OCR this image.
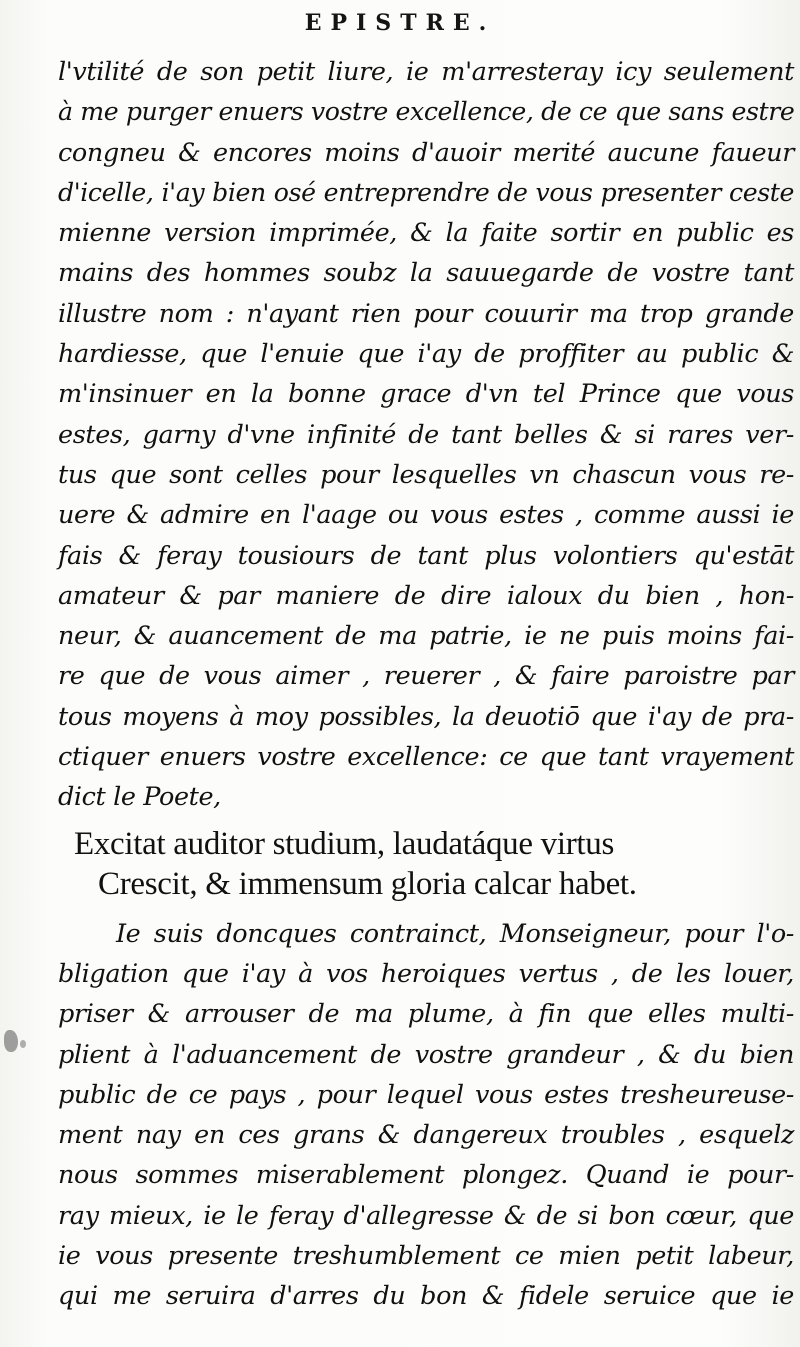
EPISTRE.
l'vtilité de son petit liure, ie m'arresteray icy seulement
à me purger enuers vostre excellence, de ce que sans estre
congneu & encores moins d'auoir merité aucune faueur
d'icelle, i'ay bien osé entreprendre de vous presenter ceste
mienne version imprimée, & la faite sortir en public es
mains des hommes soubz la sauuegarde de vostre tant
illustre nom : n'ayant rien pour couurir ma trop grande
hardiesse, que l'enuie que i'ay de proffiter au public &
m'insinuer en la bonne grace d'vn tel Prince que vous
estes, garny d'vne infinité de tant belles & si rares ver-
tus que sont celles pour lesquelles vn chascun vous re-
uere & admire en l'aage ou vous estes , comme aussi ie
fais & feray tousiours de tant plus volontiers qu'estāt
amateur & par maniere de dire ialoux du bien , hon-
neur, & auancement de ma patrie, ie ne puis moins fai-
re que de vous aimer , reuerer , & faire paroistre par
tous moyens à moy possibles, la deuotiō que i'ay de pra-
ctiquer enuers vostre excellence: ce que tant vrayement
dict le Poete,
Excitat auditor studium, laudatáque virtus
Crescit, & immensum gloria calcar habet.
Ie suis doncques contrainct, Monseigneur, pour l'o-
bligation que i'ay à vos heroiques vertus , de les louer,
priser & arrouser de ma plume, à fin que elles multi-
plient à l'aduancement de vostre grandeur , & du bien
public de ce pays , pour lequel vous estes tresheureuse-
ment nay en ces grans & dangereux troubles , esquelz
nous sommes miserablement plongez. Quand ie pour-
ray mieux, ie le feray d'allegresse & de si bon cœur, que
ie vous presente treshumblement ce mien petit labeur,
qui me seruira d'arres du bon & fidele seruice que ie
